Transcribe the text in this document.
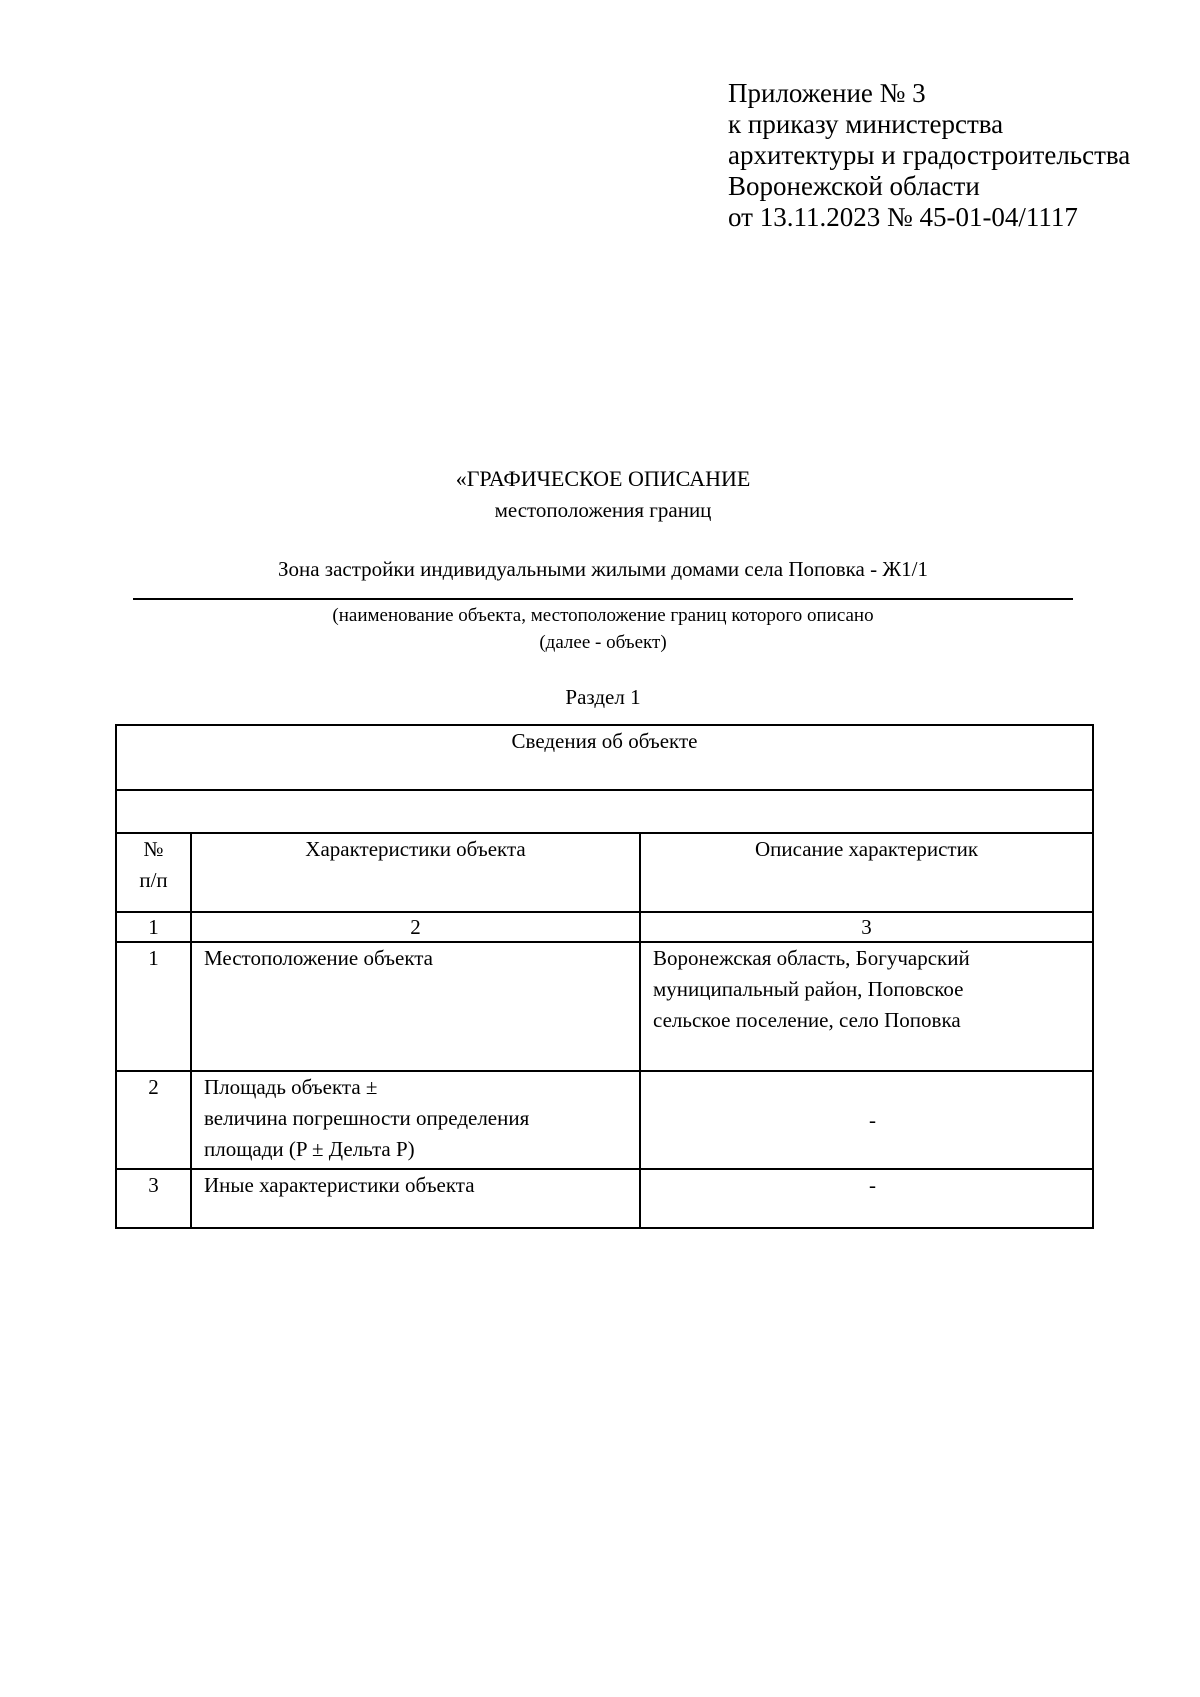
Приложение № 3
к приказу министерства
архитектуры и градостроительства
Воронежской области
от 13.11.2023 № 45-01-04/1117
«ГРАФИЧЕСКОЕ ОПИСАНИЕ
местоположения границ
Зона застройки индивидуальными жилыми домами села Поповка - Ж1/1
(наименование объекта, местоположение границ которого описано
(далее - объект)
Раздел 1
Сведения об объекте		

№
п/п	Характеристики объекта	Описание характеристик
1	2	3
1	Местоположение объекта	Воронежская область, Богучарский
муниципальный район, Поповское
сельское поселение, село Поповка

2	Площадь объекта ±
величина погрешности определения
площади (P ± Дельта P)	-
3	Иные характеристики объекта	-
